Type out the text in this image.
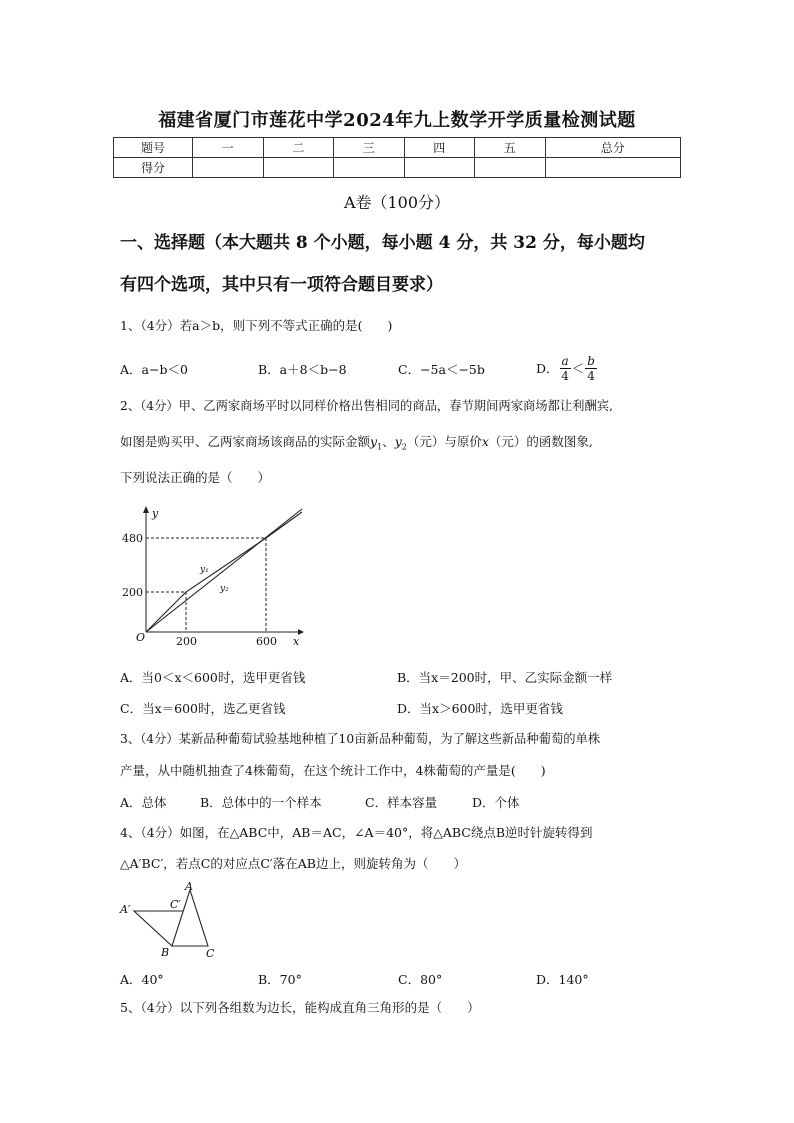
福建省厦门市莲花中学2024年九上数学开学质量检测试题
题号	一	二	三	四	五	总分
得分						
A卷（100分）
一、选择题（本大题共 8 个小题，每小题 4 分，共 32 分，每小题均
有四个选项，其中只有一项符合题目要求）
1、（4分）若a＞b，则下列不等式正确的是(　　)
A．a−b＜0	B．a＋8＜b−8	C．−5a＜−5b	D． $\frac{a}{4} < \frac{b}{4}$
2、（4分）甲、乙两家商场平时以同样价格出售相同的商品，春节期间两家商场都让利酬宾,
如图是购买甲、乙两家商场该商品的实际金额$y_1$、$y_2$（元）与原价x（元）的函数图象,
下列说法正确的是（　　）
y
x
O
480
200
200	600
y₁
y₂
A．当0＜x＜600时，选甲更省钱	B．当x＝200时，甲、乙实际金额一样
C．当x＝600时，选乙更省钱	D．当x＞600时，选甲更省钱
3、（4分）某新品种葡萄试验基地种植了10亩新品种葡萄，为了解这些新品种葡萄的单株
产量，从中随机抽查了4株葡萄，在这个统计工作中，4株葡萄的产量是(　　)
A．总体	B．总体中的一个样本	C．样本容量	D．个体
4、（4分）如图，在△ABC中，AB＝AC，∠A＝40°，将△ABC绕点B逆时针旋转得到
△A′BC′，若点C的对应点C′落在AB边上，则旋转角为（　　）
A
A′	C′
B	C
A．40°	B．70°	C．80°	D．140°
5、（4分）以下列各组数为边长，能构成直角三角形的是（　　）
